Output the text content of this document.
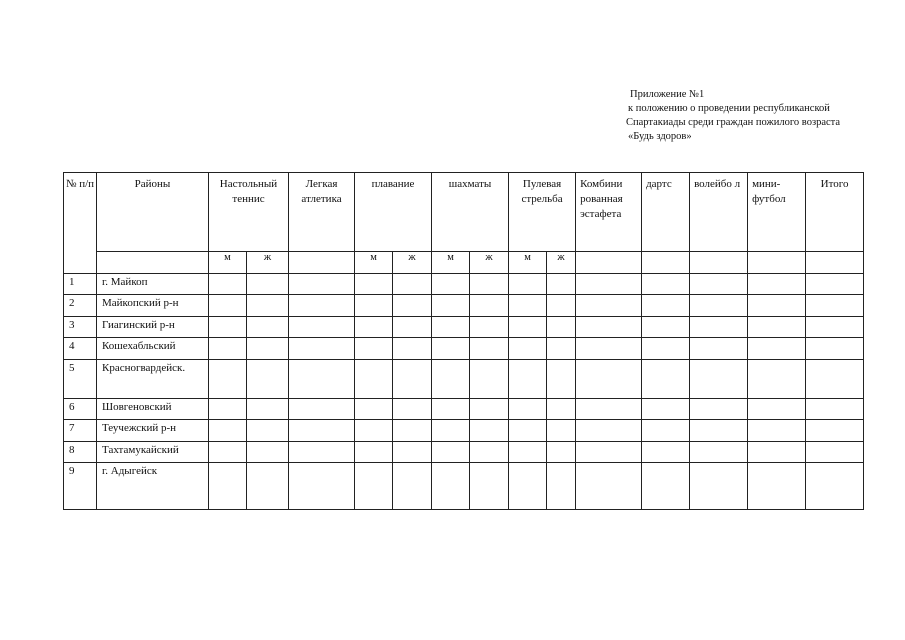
Приложение №1
к положению о проведении республиканской
Спартакиады среди граждан пожилого возраста
«Будь здоров»
№ п/п	Районы	Настольный теннис		Легкая атлетика	плавание		шахматы		Пулевая стрельба		Комбини рованная эстафета	дартс	волейбо л	мини-футбол	Итого
		м	ж		м	ж	м	ж	м	ж					
1	г. Майкоп														
2	Майкопский р-н														
3	Гиагинский р-н														
4	Кошехабльский														
5	Красногвардейск.														
6	Шовгеновский														
7	Теучежский р-н														
8	Тахтамукайский														
9	г. Адыгейск														
